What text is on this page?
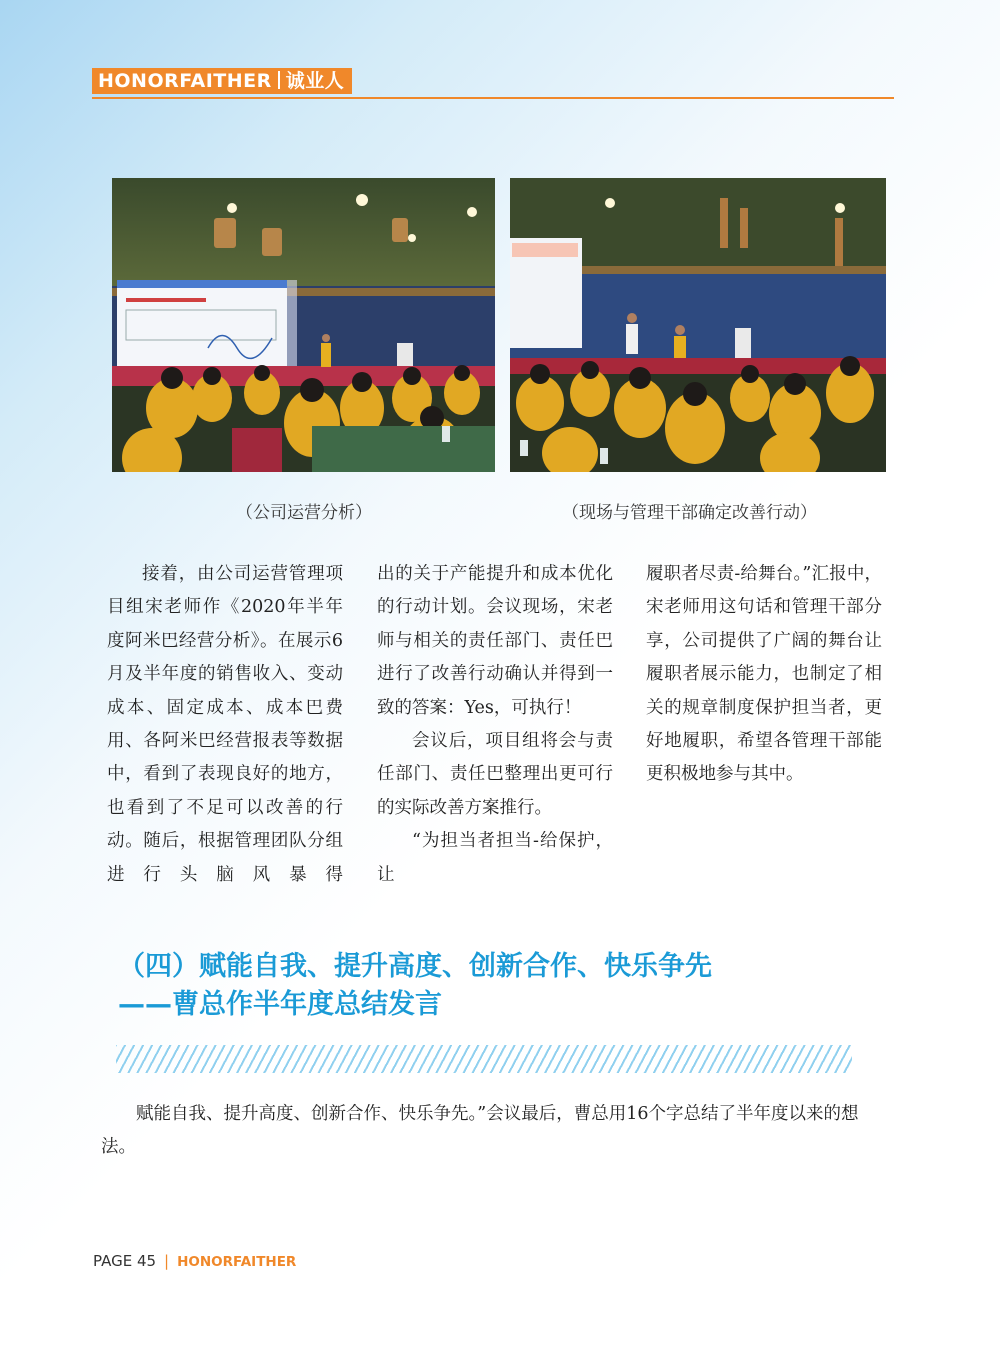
HONORFAITHER 诚业人
（公司运营分析）	（现场与管理干部确定改善行动）

接着，由公司运营管理项目组宋老师作《2020年半年度阿米巴经营分析》。在展示6月及半年度的销售收入、变动成本、固定成本、成本巴费用、各阿米巴经营报表等数据中，看到了表现良好的地方，也看到了不足可以改善的行动。随后，根据管理团队分组进行头脑风暴得

出的关于产能提升和成本优化的行动计划。会议现场，宋老师与相关的责任部门、责任巴进行了改善行动确认并得到一致的答案：Yes，可执行！

会议后，项目组将会与责任部门、责任巴整理出更可行的实际改善方案推行。

“为担当者担当-给保护，让

履职者尽责-给舞台。”汇报中，宋老师用这句话和管理干部分享，公司提供了广阔的舞台让履职者展示能力，也制定了相关的规章制度保护担当者，更好地履职，希望各管理干部能更积极地参与其中。

（四）赋能自我、提升高度、创新合作、快乐争先
——曹总作半年度总结发言

赋能自我、提升高度、创新合作、快乐争先。”会议最后，曹总用16个字总结了半年度以来的想法。

PAGE 45 | HONORFAITHER
